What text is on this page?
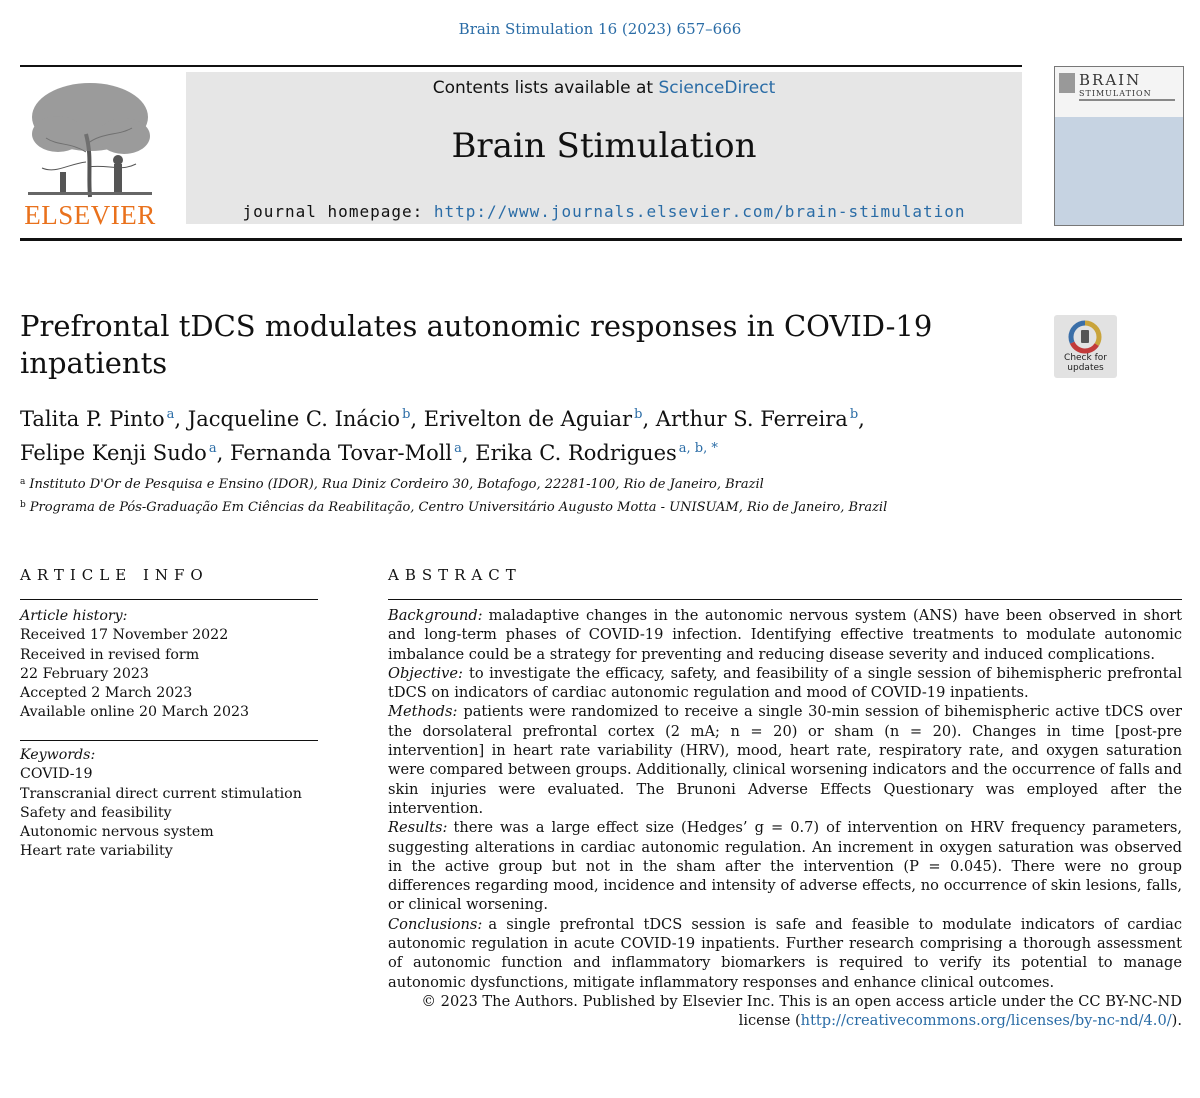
Brain Stimulation 16 (2023) 657–666
ELSEVIER
Contents lists available at ScienceDirect
Brain Stimulation
journal homepage: http://www.journals.elsevier.com/brain-stimulation
BRAIN
STIMULATION
Prefrontal tDCS modulates autonomic responses in COVID-19 inpatients	Check for
updates
Talita P. Pinto $^a$, Jacqueline C. Inácio $^b$, Erivelton de Aguiar $^b$, Arthur S. Ferreira $^b$,
Felipe Kenji Sudo $^a$, Fernanda Tovar-Moll $^a$, Erika C. Rodrigues $^{a, b, *}$
$^a$ Instituto D'Or de Pesquisa e Ensino (IDOR), Rua Diniz Cordeiro 30, Botafogo, 22281-100, Rio de Janeiro, Brazil
$^b$ Programa de Pós-Graduação Em Ciências da Reabilitação, Centro Universitário Augusto Motta - UNISUAM, Rio de Janeiro, Brazil
ARTICLE INFO
Article history:
Received 17 November 2022
Received in revised form
22 February 2023
Accepted 2 March 2023
Available online 20 March 2023
Keywords:
COVID-19
Transcranial direct current stimulation
Safety and feasibility
Autonomic nervous system
Heart rate variability
ABSTRACT

Background: maladaptive changes in the autonomic nervous system (ANS) have been observed in short and long-term phases of COVID-19 infection. Identifying effective treatments to modulate autonomic imbalance could be a strategy for preventing and reducing disease severity and induced complications.

Objective: to investigate the efficacy, safety, and feasibility of a single session of bihemispheric prefrontal tDCS on indicators of cardiac autonomic regulation and mood of COVID-19 inpatients.

Methods: patients were randomized to receive a single 30-min session of bihemispheric active tDCS over the dorsolateral prefrontal cortex (2 mA; n = 20) or sham (n = 20). Changes in time [post-pre intervention] in heart rate variability (HRV), mood, heart rate, respiratory rate, and oxygen saturation were compared between groups. Additionally, clinical worsening indicators and the occurrence of falls and skin injuries were evaluated. The Brunoni Adverse Effects Questionary was employed after the intervention.

Results: there was a large effect size (Hedges’ g = 0.7) of intervention on HRV frequency parameters, suggesting alterations in cardiac autonomic regulation. An increment in oxygen saturation was observed in the active group but not in the sham after the intervention (P = 0.045). There were no group differences regarding mood, incidence and intensity of adverse effects, no occurrence of skin lesions, falls, or clinical worsening.

Conclusions: a single prefrontal tDCS session is safe and feasible to modulate indicators of cardiac autonomic regulation in acute COVID-19 inpatients. Further research comprising a thorough assessment of autonomic function and inflammatory biomarkers is required to verify its potential to manage autonomic dysfunctions, mitigate inflammatory responses and enhance clinical outcomes.

© 2023 The Authors. Published by Elsevier Inc. This is an open access article under the CC BY-NC-ND license (http://creativecommons.org/licenses/by-nc-nd/4.0/).
